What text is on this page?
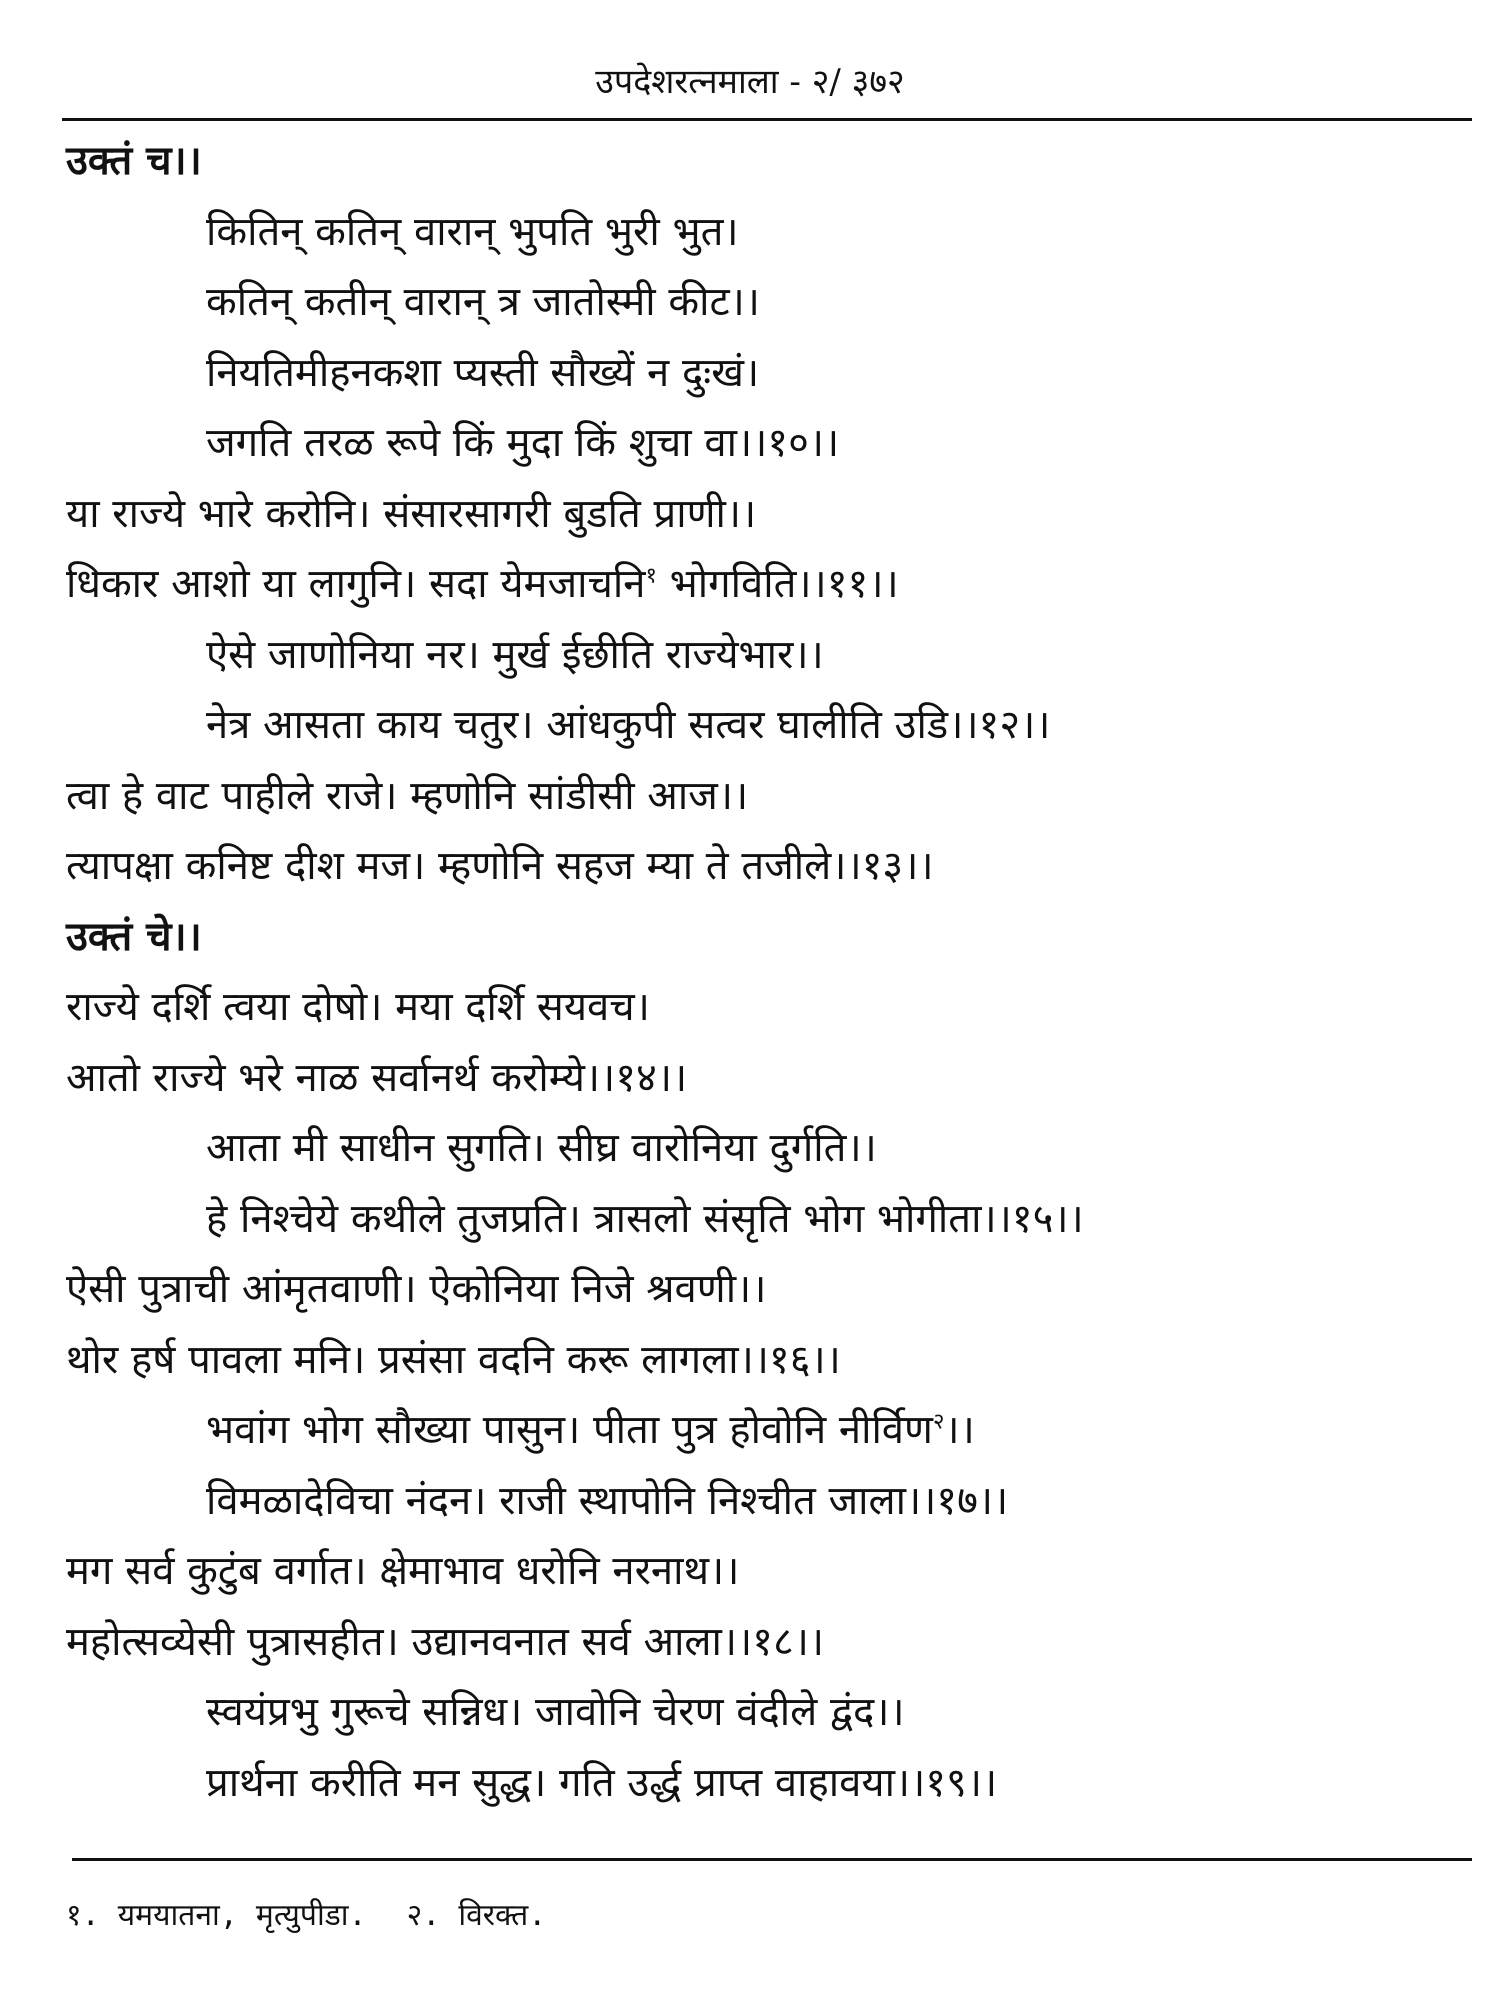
उपदेशरत्नमाला - २/ ३७२
उक्तं च।।
कितिन् कतिन् वारान् भुपति भुरी भुत।
कतिन् कतीन् वारान् त्र जातोस्मी कीट।।
नियतिमीहनकशा प्यस्ती सौख्यें न दुःखं।
जगति तरळ रूपे किं मुदा किं शुचा वा।।१०।।
या राज्ये भारे करोनि। संसारसागरी बुडति प्राणी।।
धिकार आशो या लागुनि। सदा येमजाचनि$^१$ भोगविति।।११।।
ऐसे जाणोनिया नर। मुर्ख ईछीति राज्येभार।।
नेत्र आसता काय चतुर। आंधकुपी सत्वर घालीति उडि।।१२।।
त्वा हे वाट पाहीले राजे। म्हणोनि सांडीसी आज।।
त्यापक्षा कनिष्ट दीश मज। म्हणोनि सहज म्या ते तजीले।।१३।।
उक्तं चे।।
राज्ये दर्शि त्वया दोषो। मया दर्शि सयवच।
आतो राज्ये भरे नाळ सर्वानर्थ करोम्ये।।१४।।
आता मी साधीन सुगति। सीघ्र वारोनिया दुर्गति।।
हे निश्चेये कथीले तुजप्रति। त्रासलो संसृति भोग भोगीता।।१५।।
ऐसी पुत्राची आंमृतवाणी। ऐकोनिया निजे श्रवणी।।
थोर हर्ष पावला मनि। प्रसंसा वदनि करू लागला।।१६।।
भवांग भोग सौख्या पासुन। पीता पुत्र होवोनि नीर्विण$^२$।।
विमळादेविचा नंदन। राजी स्थापोनि निश्चीत जाला।।१७।।
मग सर्व कुटुंब वर्गात। क्षेमाभाव धरोनि नरनाथ।।
महोत्सव्येसी पुत्रासहीत। उद्यानवनात सर्व आला।।१८।।
स्वयंप्रभु गुरूचे सन्निध। जावोनि चेरण वंदीले द्वंद।।
प्रार्थना करीति मन सुद्ध। गति उर्द्ध प्राप्त वाहावया।।१९।।
१. यमयातना, मृत्युपीडा. २. विरक्त.
